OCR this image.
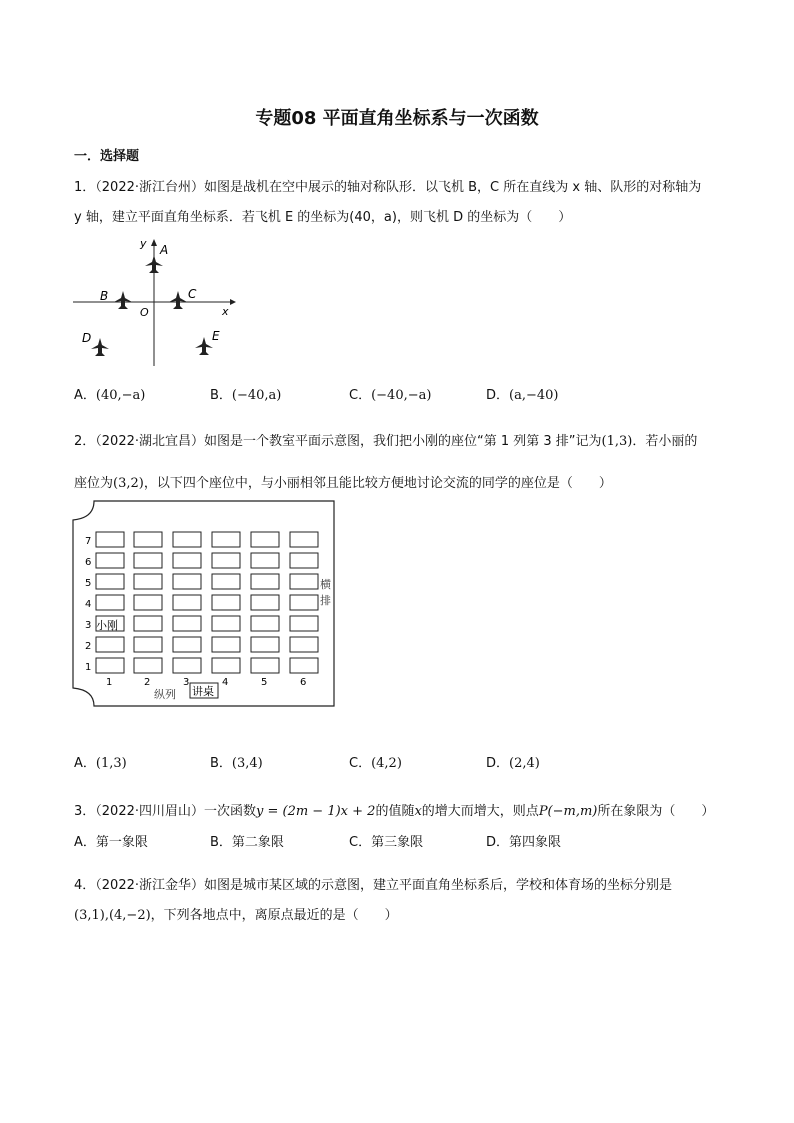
专题08 平面直角坐标系与一次函数
一．选择题
1．（2022·浙江台州）如图是战机在空中展示的轴对称队形．以飞机 B，C 所在直线为 x 轴、队形的对称轴为
y 轴，建立平面直角坐标系．若飞机 E 的坐标为(40，a)，则飞机 D 的坐标为（　　）
y
x
O
A
B	C
D	E
A．(40,−a)	B．(−40,a)	C．(−40,−a)	D．(a,−40)
2．（2022·湖北宜昌）如图是一个教室平面示意图，我们把小刚的座位“第 1 列第 3 排”记为(1,3)．若小丽的
座位为(3,2)，以下四个座位中，与小丽相邻且能比较方便地讨论交流的同学的座位是（　　）
7
6
5
4
3
2
1
1	2	3	4	5	6
小刚
横
排
纵列 讲桌
A．(1,3)	B．(3,4)	C．(4,2)	D．(2,4)
3．（2022·四川眉山）一次函数y = (2m − 1)x + 2的值随x的增大而增大，则点P(−m,m)所在象限为（　　）
A．第一象限	B．第二象限	C．第三象限	D．第四象限
4．（2022·浙江金华）如图是城市某区域的示意图，建立平面直角坐标系后，学校和体育场的坐标分别是
(3,1),(4,−2)，下列各地点中，离原点最近的是（　　）
